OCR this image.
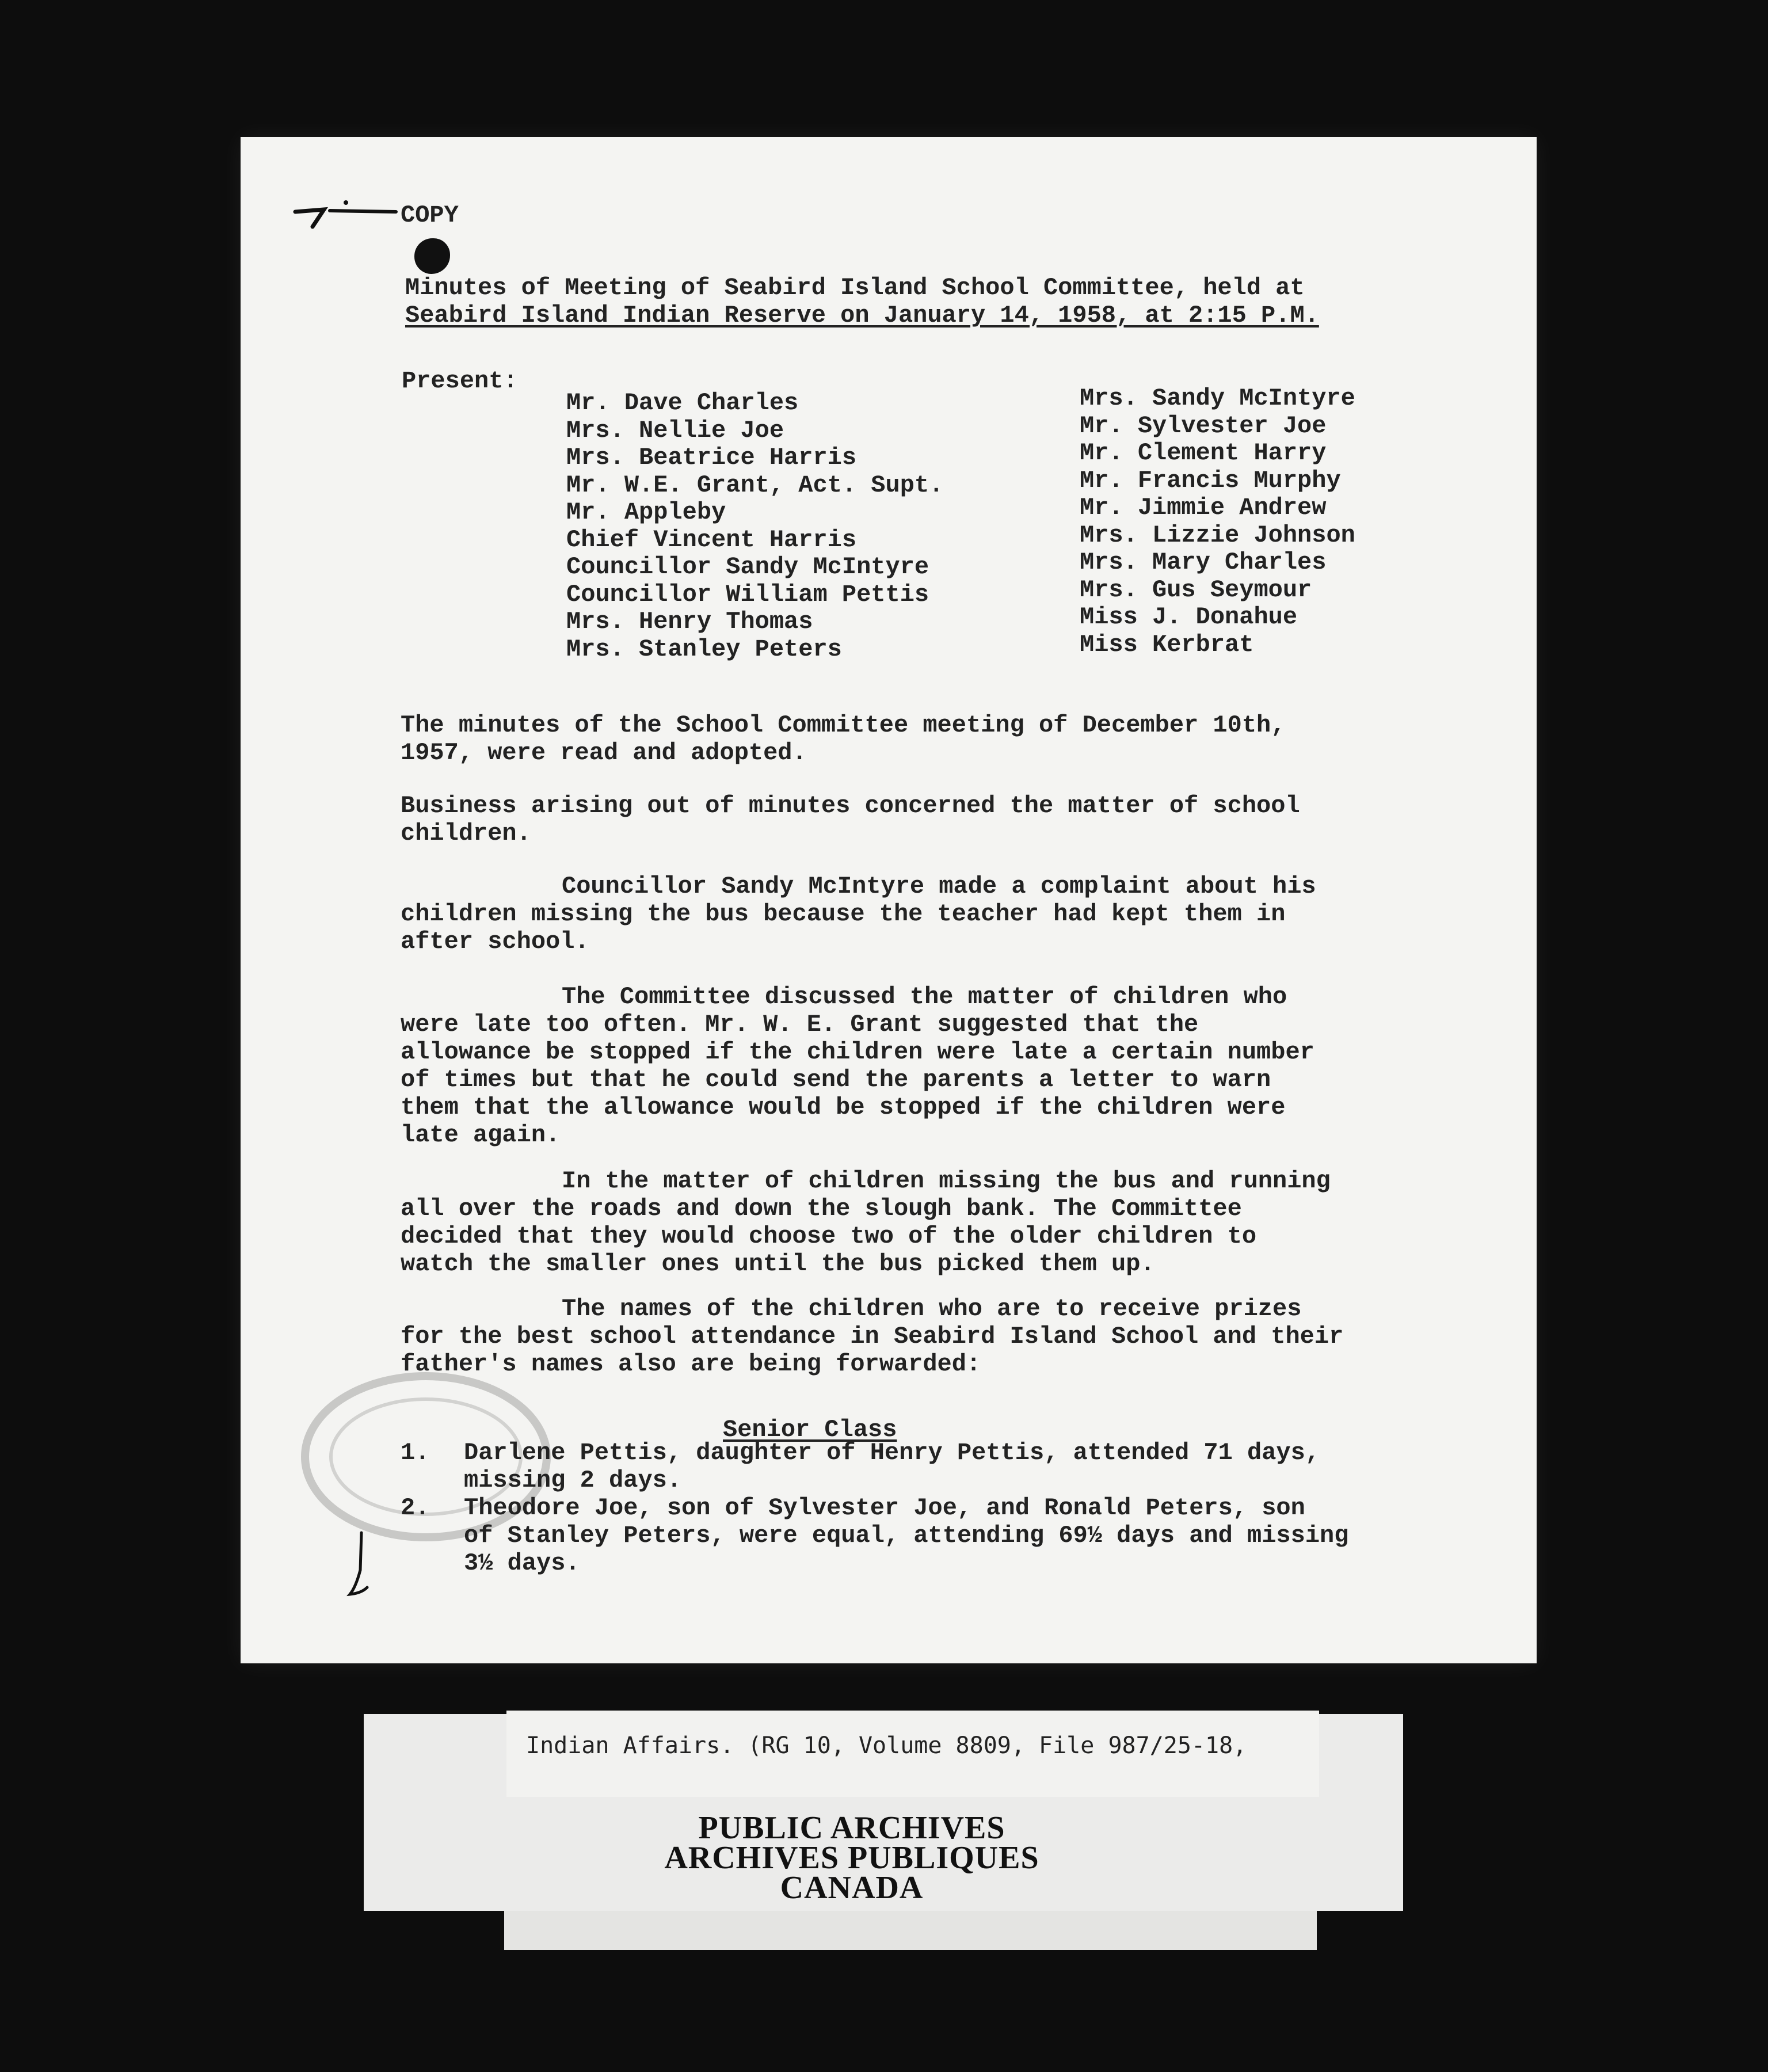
COPY
Minutes of Meeting of Seabird Island School Committee, held at
Seabird Island Indian Reserve on January 14, 1958, at 2:15 P.M.
Present:
Mr. Dave Charles
Mrs. Nellie Joe
Mrs. Beatrice Harris
Mr. W.E. Grant, Act. Supt.
Mr. Appleby
Chief Vincent Harris
Councillor Sandy McIntyre
Councillor William Pettis
Mrs. Henry Thomas
Mrs. Stanley Peters
Mrs. Sandy McIntyre
Mr. Sylvester Joe
Mr. Clement Harry
Mr. Francis Murphy
Mr. Jimmie Andrew
Mrs. Lizzie Johnson
Mrs. Mary Charles
Mrs. Gus Seymour
Miss J. Donahue
Miss Kerbrat

The minutes of the School Committee meeting of December 10th,
1957, were read and adopted.

Business arising out of minutes concerned the matter of school
children.

Councillor Sandy McIntyre made a complaint about his
children missing the bus because the teacher had kept them in
after school.

The Committee discussed the matter of children who
were late too often. Mr. W. E. Grant suggested that the
allowance be stopped if the children were late a certain number
of times but that he could send the parents a letter to warn
them that the allowance would be stopped if the children were
late again.

In the matter of children missing the bus and running
all over the roads and down the slough bank. The Committee
decided that they would choose two of the older children to
watch the smaller ones until the bus picked them up.

The names of the children who are to receive prizes
for the best school attendance in Seabird Island School and their
father's names also are being forwarded:

Senior Class
1.	Darlene Pettis, daughter of Henry Pettis, attended 71 days,
missing 2 days.
2.	Theodore Joe, son of Sylvester Joe, and Ronald Peters, son
of Stanley Peters, were equal, attending 69½ days and missing
3½ days.
Indian Affairs. (RG 10, Volume 8809, File 987/25-18,
PUBLIC ARCHIVES
ARCHIVES PUBLIQUES
CANADA
